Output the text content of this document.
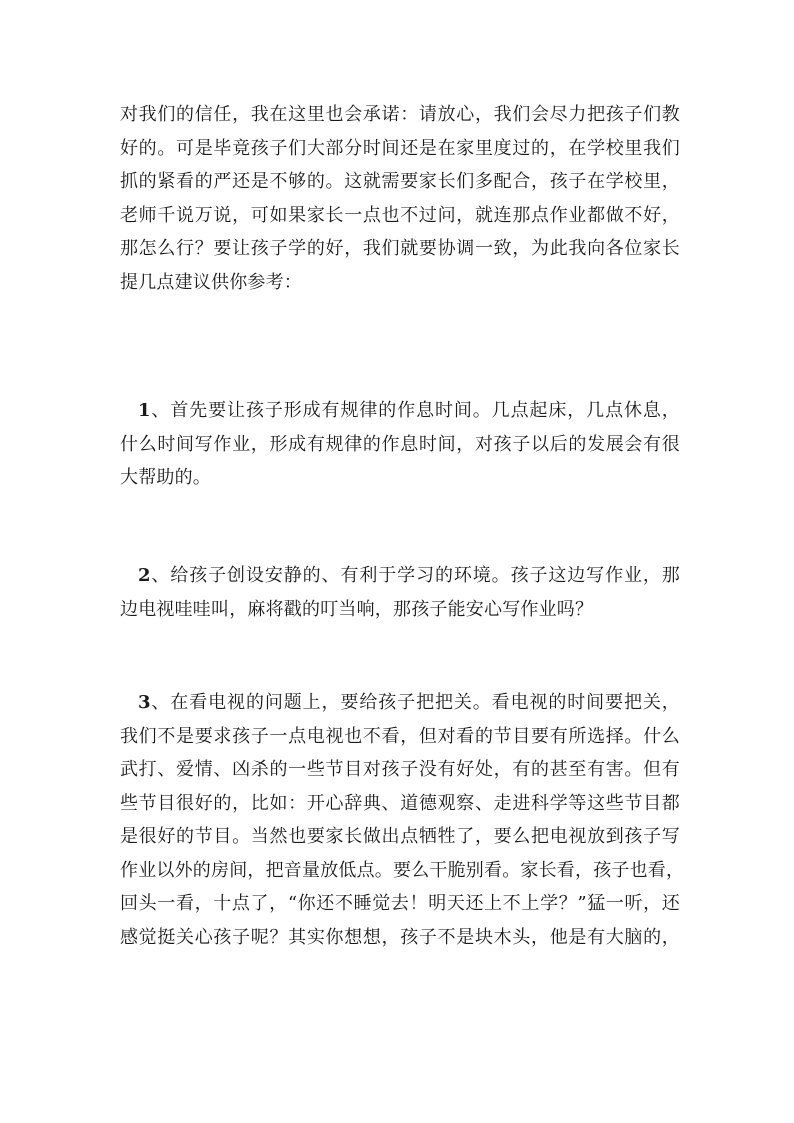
对我们的信任，我在这里也会承诺：请放心，我们会尽力把孩子们教
好的。可是毕竟孩子们大部分时间还是在家里度过的，在学校里我们
抓的紧看的严还是不够的。这就需要家长们多配合，孩子在学校里，
老师千说万说，可如果家长一点也不过问，就连那点作业都做不好，
那怎么行？要让孩子学的好，我们就要协调一致，为此我向各位家长
提几点建议供你参考：
1、首先要让孩子形成有规律的作息时间。几点起床，几点休息，
什么时间写作业，形成有规律的作息时间，对孩子以后的发展会有很
大帮助的。
2、给孩子创设安静的、有利于学习的环境。孩子这边写作业，那
边电视哇哇叫，麻将戳的叮当响，那孩子能安心写作业吗？
3、在看电视的问题上，要给孩子把把关。看电视的时间要把关，
我们不是要求孩子一点电视也不看，但对看的节目要有所选择。什么
武打、爱情、凶杀的一些节目对孩子没有好处，有的甚至有害。但有
些节目很好的，比如：开心辞典、道德观察、走进科学等这些节目都
是很好的节目。当然也要家长做出点牺牲了，要么把电视放到孩子写
作业以外的房间，把音量放低点。要么干脆别看。家长看，孩子也看，
回头一看，十点了，“你还不睡觉去！明天还上不上学？”猛一听，还
感觉挺关心孩子呢？其实你想想，孩子不是块木头，他是有大脑的，
